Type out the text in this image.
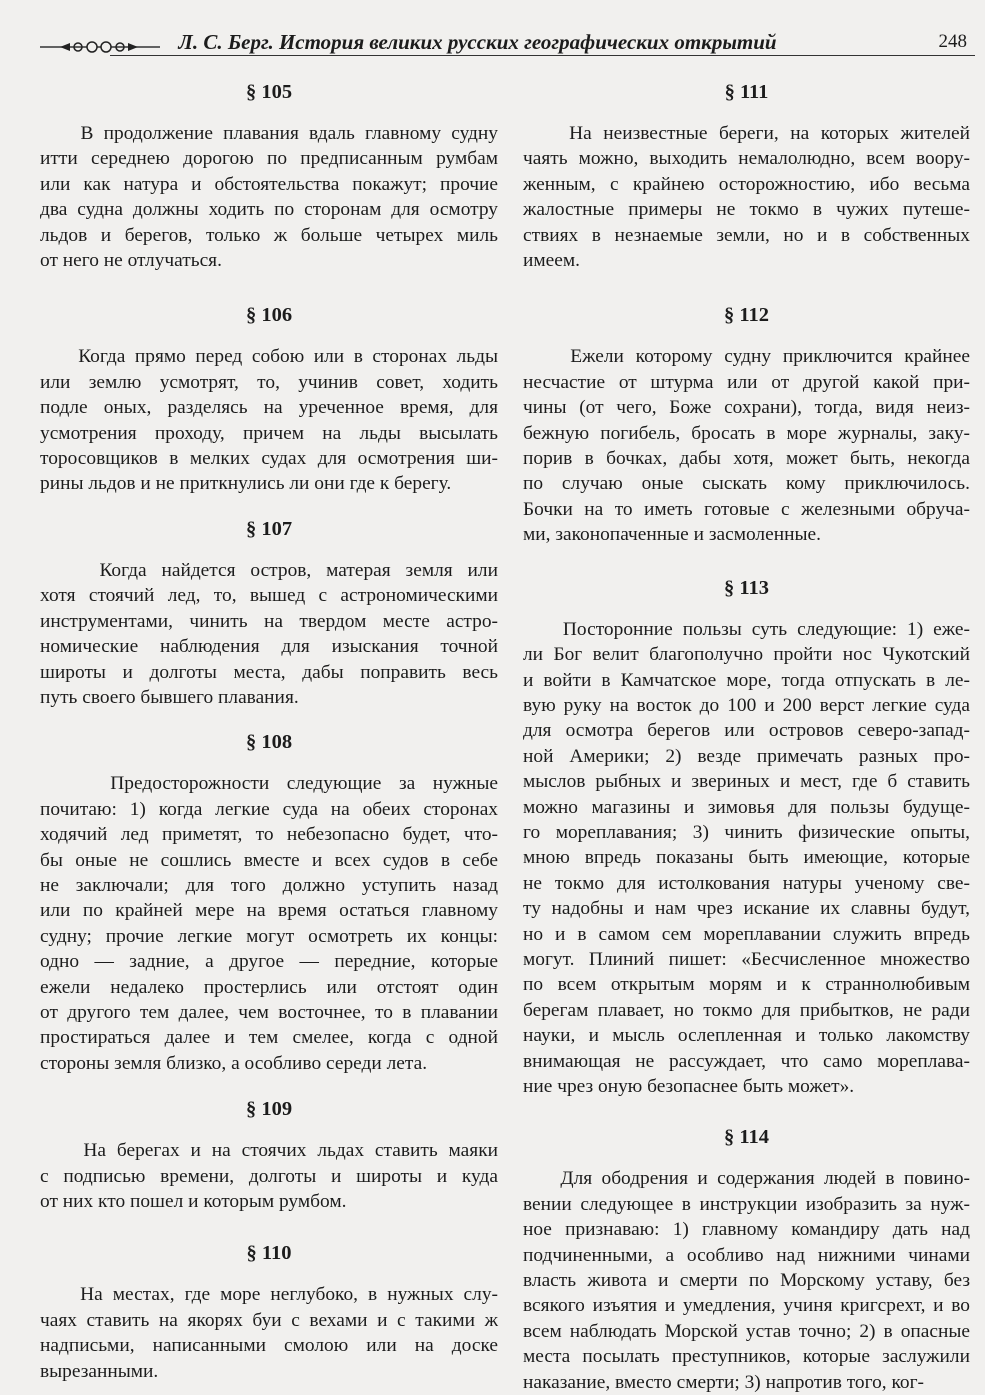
Л. С. Берг. История великих русских географических открытий	248
§ 105
В продолжение плавания вдаль главному судну
итти середнею дорогою по предписанным румбам
или как натура и обстоятельства покажут; прочие
два судна должны ходить по сторонам для осмотру
льдов и берегов, только ж больше четырех миль
от него не отлучаться.
§ 106
Когда прямо перед собою или в сторонах льды
или землю усмотрят, то, учинив совет, ходить
подле оных, разделясь на уреченное время, для
усмотрения проходу, причем на льды высылать
торосовщиков в мелких судах для осмотрения ши-
рины льдов и не приткнулись ли они где к берегу.
§ 107
Когда найдется остров, матерая земля или
хотя стоячий лед, то, вышед с астрономическими
инструментами, чинить на твердом месте астро-
номические наблюдения для изыскания точной
широты и долготы места, дабы поправить весь
путь своего бывшего плавания.
§ 108
Предосторожности следующие за нужные
почитаю: 1) когда легкие суда на обеих сторонах
ходячий лед приметят, то небезопасно будет, что-
бы оные не сошлись вместе и всех судов в себе
не заключали; для того должно уступить назад
или по крайней мере на время остаться главному
судну; прочие легкие могут осмотреть их концы:
одно — задние, а другое — передние, которые
ежели недалеко простерлись или отстоят один
от другого тем далее, чем восточнее, то в плавании
простираться далее и тем смелее, когда с одной
стороны земля близко, а особливо середи лета.
§ 109
На берегах и на стоячих льдах ставить маяки
с подписью времени, долготы и широты и куда
от них кто пошел и которым румбом.
§ 110
На местах, где море неглубоко, в нужных слу-
чаях ставить на якорях буи с вехами и с такими ж
надписьми, написанными смолою или на доске
вырезанными.
§ 111
На неизвестные береги, на которых жителей
чаять можно, выходить немалолюдно, всем воору-
женным, с крайнею осторожностию, ибо весьма
жалостные примеры не токмо в чужих путеше-
ствиях в незнаемые земли, но и в собственных
имеем.
§ 112
Ежели которому судну приключится крайнее
несчастие от штурма или от другой какой при-
чины (от чего, Боже сохрани), тогда, видя неиз-
бежную погибель, бросать в море журналы, заку-
порив в бочках, дабы хотя, может быть, некогда
по случаю оные сыскать кому приключилось.
Бочки на то иметь готовые с железными обруча-
ми, законопаченные и засмоленные.
§ 113
Посторонние пользы суть следующие: 1) еже-
ли Бог велит благополучно пройти нос Чукотский
и войти в Камчатское море, тогда отпускать в ле-
вую руку на восток до 100 и 200 верст легкие суда
для осмотра берегов или островов северо-запад-
ной Америки; 2) везде примечать разных про-
мыслов рыбных и звериных и мест, где б ставить
можно магазины и зимовья для пользы будуще-
го мореплавания; 3) чинить физические опыты,
мною впредь показаны быть имеющие, которые
не токмо для истолкования натуры ученому све-
ту надобны и нам чрез искание их славны будут,
но и в самом сем мореплавании служить впредь
могут. Плиний пишет: «Бесчисленное множество
по всем открытым морям и к страннолюбивым
берегам плавает, но токмо для прибытков, не ради
науки, и мысль ослепленная и только лакомству
внимающая не рассуждает, что само мореплава-
ние чрез оную безопаснее быть может».
§ 114
Для ободрения и содержания людей в повино-
вении следующее в инструкции изобразить за нуж-
ное признаваю: 1) главному командиру дать над
подчиненными, а особливо над нижними чинами
власть живота и смерти по Морскому уставу, без
всякого изъятия и умедления, учиня кригсрехт, и во
всем наблюдать Морской устав точно; 2) в опасные
места посылать преступников, которые заслужили
наказание, вместо смерти; 3) напротив того, ког-
